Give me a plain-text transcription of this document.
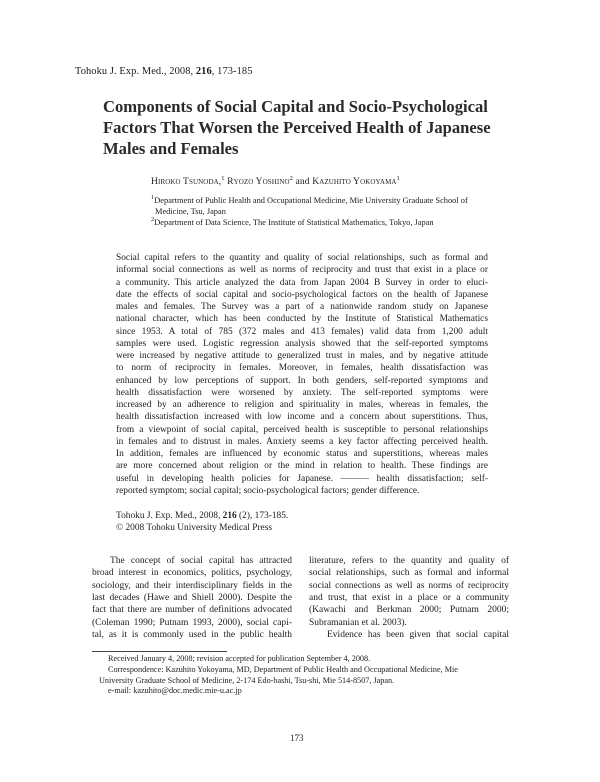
Tohoku J. Exp. Med., 2008, 216, 173-185
Components of Social Capital and Socio-Psychological
Factors That Worsen the Perceived Health of Japanese
Males and Females
Hiroko Tsunoda,$^1$ Ryozo Yoshino$^2$ and Kazuhito Yokoyama$^1$
$^1$Department of Public Health and Occupational Medicine, Mie University Graduate School of
Medicine, Tsu, Japan
$^2$Department of Data Science, The Institute of Statistical Mathematics, Tokyo, Japan
Social capital refers to the quantity and quality of social relationships, such as formal and
informal social connections as well as norms of reciprocity and trust that exist in a place or
a community. This article analyzed the data from Japan 2004 B Survey in order to eluci-
date the effects of social capital and socio-psychological factors on the health of Japanese
males and females. The Survey was a part of a nationwide random study on Japanese
national character, which has been conducted by the Institute of Statistical Mathematics
since 1953. A total of 785 (372 males and 413 females) valid data from 1,200 adult
samples were used. Logistic regression analysis showed that the self-reported symptoms
were increased by negative attitude to generalized trust in males, and by negative attitude
to norm of reciprocity in females. Moreover, in females, health dissatisfaction was
enhanced by low perceptions of support. In both genders, self-reported symptoms and
health dissatisfaction were worsened by anxiety. The self-reported symptoms were
increased by an adherence to religion and spirituality in males, whereas in females, the
health dissatisfaction increased with low income and a concern about superstitions. Thus,
from a viewpoint of social capital, perceived health is susceptible to personal relationships
in females and to distrust in males. Anxiety seems a key factor affecting perceived health.
In addition, females are influenced by economic status and superstitions, whereas males
are more concerned about religion or the mind in relation to health. These findings are
useful in developing health policies for Japanese. ——— health dissatisfaction; self-
reported symptom; social capital; socio-psychological factors; gender difference.
Tohoku J. Exp. Med., 2008, 216 (2), 173-185.
© 2008 Tohoku University Medical Press
The concept of social capital has attracted
broad interest in economics, politics, psychology,
sociology, and their interdisciplinary fields in the
last decades (Hawe and Shiell 2000). Despite the
fact that there are number of definitions advocated
(Coleman 1990; Putnam 1993, 2000), social capi-
tal, as it is commonly used in the public health
literature, refers to the quantity and quality of
social relationships, such as formal and informal
social connections as well as norms of reciprocity
and trust, that exist in a place or a community
(Kawachi and Berkman 2000; Putnam 2000;
Subramanian et al. 2003).
Evidence has been given that social capital
Received January 4, 2008; revision accepted for publication September 4, 2008.
Correspondence: Kazuhito Yokoyama, MD, Department of Public Health and Occupational Medicine, Mie
University Graduate School of Medicine, 2-174 Edo-bashi, Tsu-shi, Mie 514-8507, Japan.
e-mail: kazuhito@doc.medic.mie-u.ac.jp
173
